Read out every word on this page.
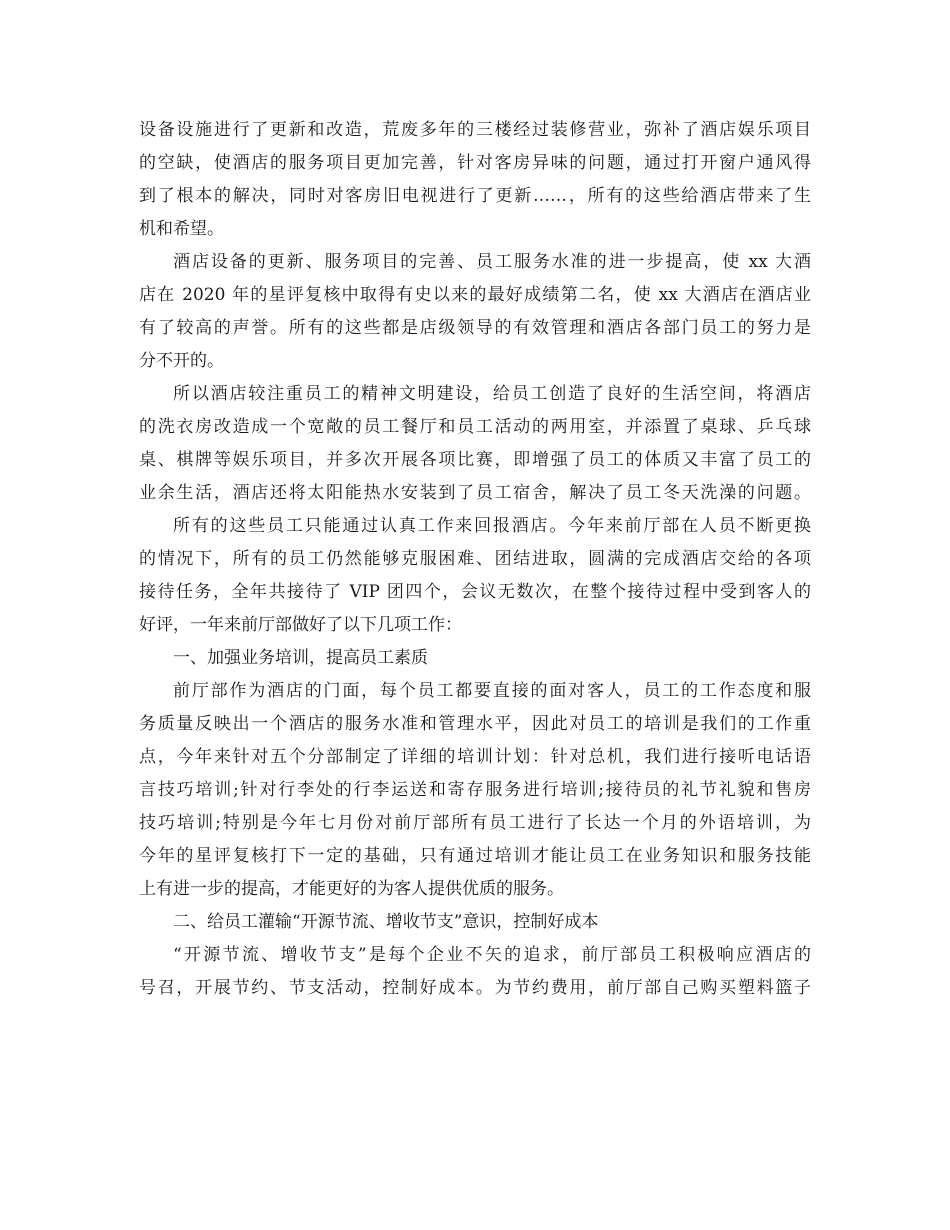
设备设施进行了更新和改造，荒废多年的三楼经过装修营业，弥补了酒店娱乐项目
的空缺，使酒店的服务项目更加完善，针对客房异味的问题，通过打开窗户通风得
到了根本的解决，同时对客房旧电视进行了更新……，所有的这些给酒店带来了生
机和希望。
酒店设备的更新、服务项目的完善、员工服务水准的进一步提高，使 xx 大酒
店在 2020 年的星评复核中取得有史以来的最好成绩第二名，使 xx 大酒店在酒店业
有了较高的声誉。所有的这些都是店级领导的有效管理和酒店各部门员工的努力是
分不开的。
所以酒店较注重员工的精神文明建设，给员工创造了良好的生活空间，将酒店
的洗衣房改造成一个宽敞的员工餐厅和员工活动的两用室，并添置了桌球、乒乓球
桌、棋牌等娱乐项目，并多次开展各项比赛，即增强了员工的体质又丰富了员工的
业余生活，酒店还将太阳能热水安装到了员工宿舍，解决了员工冬天洗澡的问题。
所有的这些员工只能通过认真工作来回报酒店。今年来前厅部在人员不断更换
的情况下，所有的员工仍然能够克服困难、团结进取，圆满的完成酒店交给的各项
接待任务，全年共接待了 VIP 团四个，会议无数次，在整个接待过程中受到客人的
好评，一年来前厅部做好了以下几项工作：
一、加强业务培训，提高员工素质
前厅部作为酒店的门面，每个员工都要直接的面对客人，员工的工作态度和服
务质量反映出一个酒店的服务水准和管理水平，因此对员工的培训是我们的工作重
点，今年来针对五个分部制定了详细的培训计划：针对总机，我们进行接听电话语
言技巧培训;针对行李处的行李运送和寄存服务进行培训;接待员的礼节礼貌和售房
技巧培训;特别是今年七月份对前厅部所有员工进行了长达一个月的外语培训，为
今年的星评复核打下一定的基础，只有通过培训才能让员工在业务知识和服务技能
上有进一步的提高，才能更好的为客人提供优质的服务。
二、给员工灌输“开源节流、增收节支”意识，控制好成本
“开源节流、增收节支”是每个企业不矢的追求，前厅部员工积极响应酒店的
号召，开展节约、节支活动，控制好成本。为节约费用，前厅部自己购买塑料篮子
